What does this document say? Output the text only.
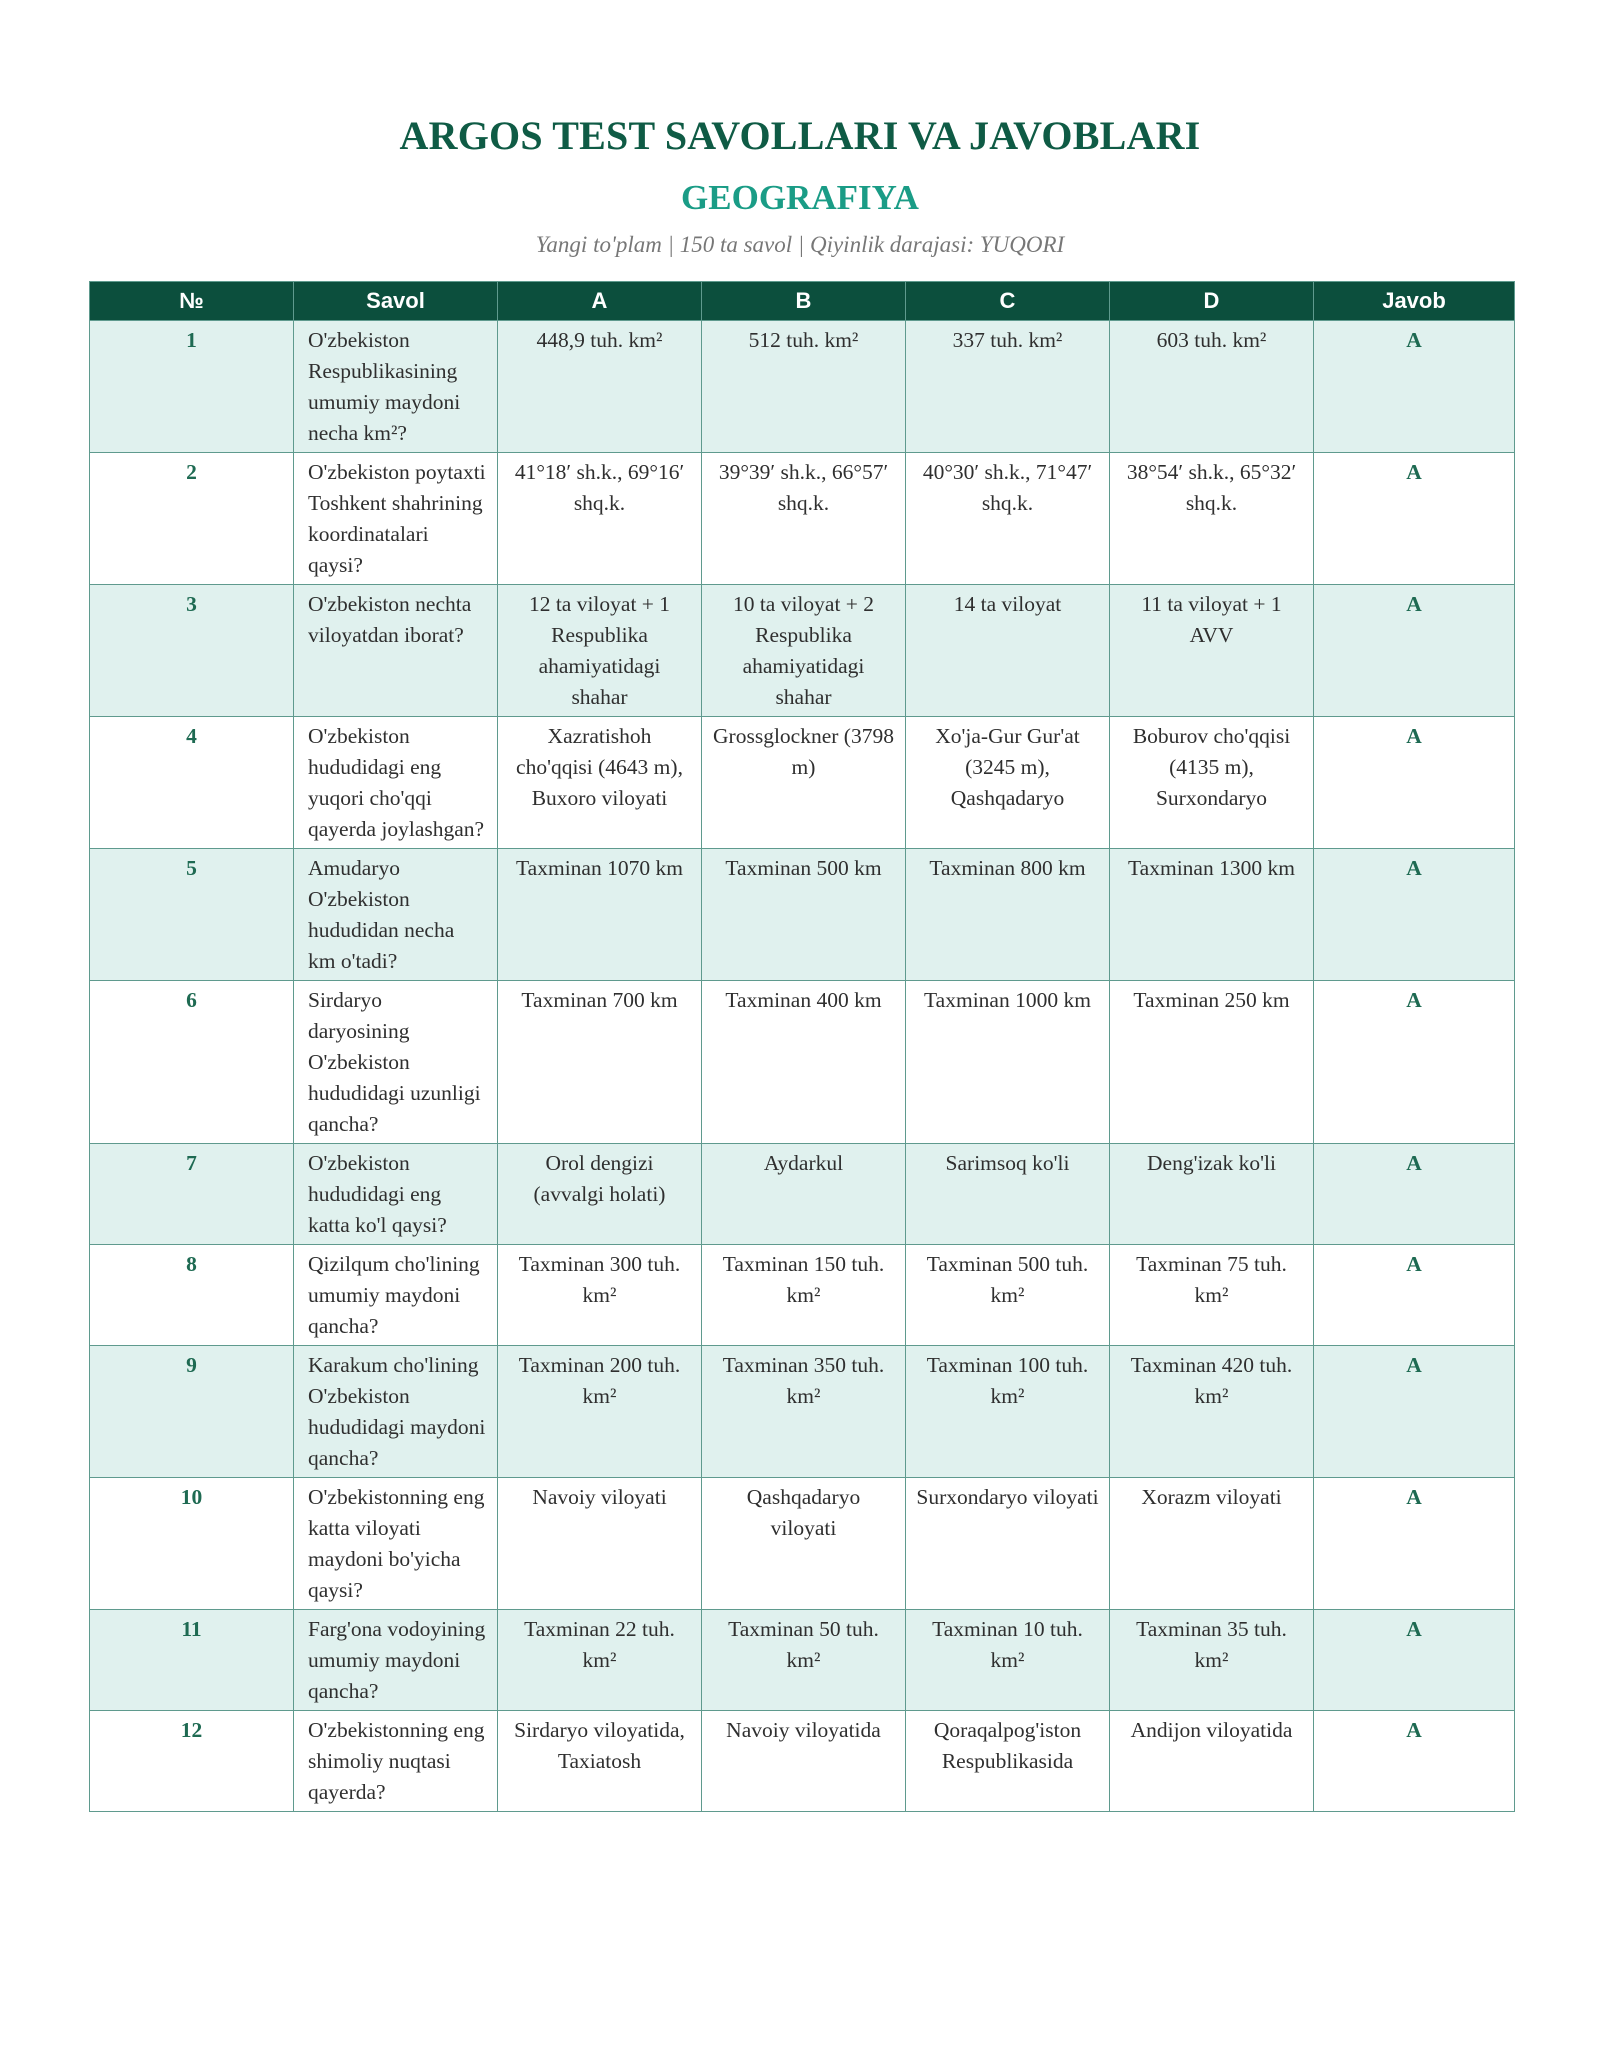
ARGOS TEST SAVOLLARI VA JAVOBLARI
GEOGRAFIYA

Yangi to'plam | 150 ta savol | Qiyinlik darajasi: YUQORI

№	Savol	A	B	C	D	Javob
1	O'zbekiston Respublikasining umumiy maydoni necha km²?	448,9 tuh. km²	512 tuh. km²	337 tuh. km²	603 tuh. km²	A
2	O'zbekiston poytaxti Toshkent shahrining koordinatalari qaysi?	41°18′ sh.k., 69°16′ shq.k.	39°39′ sh.k., 66°57′ shq.k.	40°30′ sh.k., 71°47′ shq.k.	38°54′ sh.k., 65°32′ shq.k.	A
3	O'zbekiston nechta viloyatdan iborat?	12 ta viloyat + 1 Respublika ahamiyatidagi shahar	10 ta viloyat + 2 Respublika ahamiyatidagi shahar	14 ta viloyat	11 ta viloyat + 1 AVV	A
4	O'zbekiston hududidagi eng yuqori cho'qqi qayerda joylashgan?	Xazratishoh cho'qqisi (4643 m), Buxoro viloyati	Grossglockner (3798 m)	Xo'ja-Gur Gur'at (3245 m), Qashqadaryo	Boburov cho'qqisi (4135 m), Surxondaryo	A
5	Amudaryo O'zbekiston hududidan necha km o'tadi?	Taxminan 1070 km	Taxminan 500 km	Taxminan 800 km	Taxminan 1300 km	A
6	Sirdaryo daryosining O'zbekiston hududidagi uzunligi qancha?	Taxminan 700 km	Taxminan 400 km	Taxminan 1000 km	Taxminan 250 km	A
7	O'zbekiston hududidagi eng katta ko'l qaysi?	Orol dengizi (avvalgi holati)	Aydarkul	Sarimsoq ko'li	Deng'izak ko'li	A
8	Qizilqum cho'lining umumiy maydoni qancha?	Taxminan 300 tuh. km²	Taxminan 150 tuh. km²	Taxminan 500 tuh. km²	Taxminan 75 tuh. km²	A
9	Karakum cho'lining O'zbekiston hududidagi maydoni qancha?	Taxminan 200 tuh. km²	Taxminan 350 tuh. km²	Taxminan 100 tuh. km²	Taxminan 420 tuh. km²	A
10	O'zbekistonning eng katta viloyati maydoni bo'yicha qaysi?	Navoiy viloyati	Qashqadaryo viloyati	Surxondaryo viloyati	Xorazm viloyati	A
11	Farg'ona vodoyining umumiy maydoni qancha?	Taxminan 22 tuh. km²	Taxminan 50 tuh. km²	Taxminan 10 tuh. km²	Taxminan 35 tuh. km²	A
12	O'zbekistonning eng shimoliy nuqtasi qayerda?	Sirdaryo viloyatida, Taxiatosh	Navoiy viloyatida	Qoraqalpog'iston Respublikasida	Andijon viloyatida	A
